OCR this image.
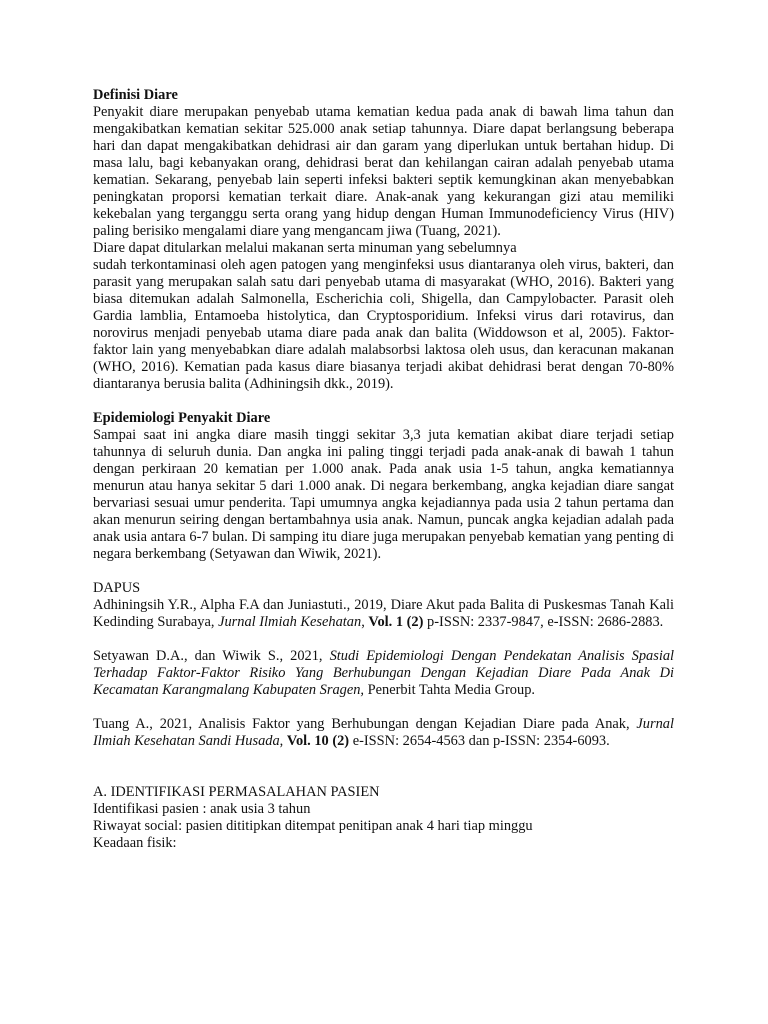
Definisi Diare

Penyakit diare merupakan penyebab utama kematian kedua pada anak di bawah lima tahun dan mengakibatkan kematian sekitar 525.000 anak setiap tahunnya. Diare dapat berlangsung beberapa hari dan dapat mengakibatkan dehidrasi air dan garam yang diperlukan untuk bertahan hidup. Di masa lalu, bagi kebanyakan orang, dehidrasi berat dan kehilangan cairan adalah penyebab utama kematian. Sekarang, penyebab lain seperti infeksi bakteri septik kemungkinan akan menyebabkan peningkatan proporsi kematian terkait diare. Anak-anak yang kekurangan gizi atau memiliki kekebalan yang terganggu serta orang yang hidup dengan Human Immunodeficiency Virus (HIV) paling berisiko mengalami diare yang mengancam jiwa (Tuang, 2021).

Diare dapat ditularkan melalui makanan serta minuman yang sebelumnya

sudah terkontaminasi oleh agen patogen yang menginfeksi usus diantaranya oleh virus, bakteri, dan parasit yang merupakan salah satu dari penyebab utama di masyarakat (WHO, 2016). Bakteri yang biasa ditemukan adalah Salmonella, Escherichia coli, Shigella, dan Campylobacter. Parasit oleh Gardia lamblia, Entamoeba histolytica, dan Cryptosporidium. Infeksi virus dari rotavirus, dan norovirus menjadi penyebab utama diare pada anak dan balita (Widdowson et al, 2005). Faktor-faktor lain yang menyebabkan diare adalah malabsorbsi laktosa oleh usus, dan keracunan makanan (WHO, 2016). Kematian pada kasus diare biasanya terjadi akibat dehidrasi berat dengan 70-80% diantaranya berusia balita (Adhiningsih dkk., 2019).

Epidemiologi Penyakit Diare

Sampai saat ini angka diare masih tinggi sekitar 3,3 juta kematian akibat diare terjadi setiap tahunnya di seluruh dunia. Dan angka ini paling tinggi terjadi pada anak-anak di bawah 1 tahun dengan perkiraan 20 kematian per 1.000 anak. Pada anak usia 1-5 tahun, angka kematiannya menurun atau hanya sekitar 5 dari 1.000 anak. Di negara berkembang, angka kejadian diare sangat bervariasi sesuai umur penderita. Tapi umumnya angka kejadiannya pada usia 2 tahun pertama dan akan menurun seiring dengan bertambahnya usia anak. Namun, puncak angka kejadian adalah pada anak usia antara 6-7 bulan. Di samping itu diare juga merupakan penyebab kematian yang penting di negara berkembang (Setyawan dan Wiwik, 2021).

DAPUS

Adhiningsih Y.R., Alpha F.A dan Juniastuti., 2019, Diare Akut pada Balita di Puskesmas Tanah Kali Kedinding Surabaya, Jurnal Ilmiah Kesehatan, Vol. 1 (2) p-ISSN: 2337-9847, e-ISSN: 2686-2883.

Setyawan D.A., dan Wiwik S., 2021, Studi Epidemiologi Dengan Pendekatan Analisis Spasial Terhadap Faktor-Faktor Risiko Yang Berhubungan Dengan Kejadian Diare Pada Anak Di Kecamatan Karangmalang Kabupaten Sragen, Penerbit Tahta Media Group.

Tuang A., 2021, Analisis Faktor yang Berhubungan dengan Kejadian Diare pada Anak, Jurnal Ilmiah Kesehatan Sandi Husada, Vol. 10 (2) e-ISSN: 2654-4563 dan p-ISSN: 2354-6093.

A. IDENTIFIKASI PERMASALAHAN PASIEN

Identifikasi pasien : anak usia 3 tahun

Riwayat social: pasien dititipkan ditempat penitipan anak 4 hari tiap minggu

Keadaan fisik:
